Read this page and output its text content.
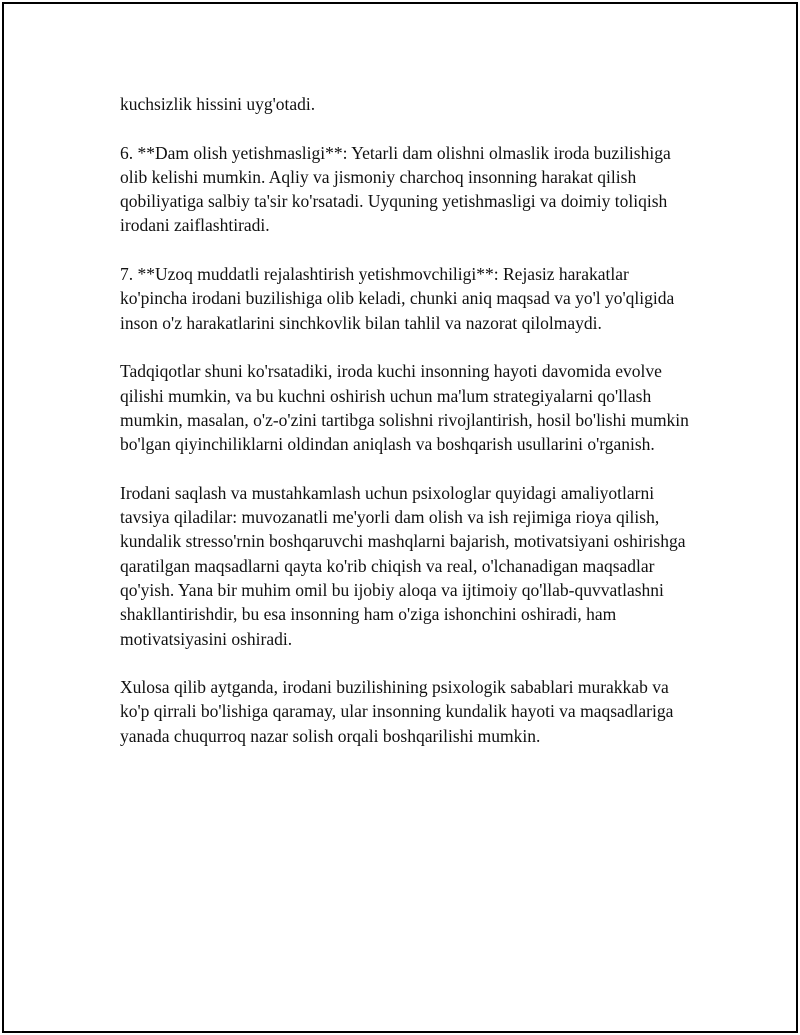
kuchsizlik hissini uyg'otadi.

6. **Dam olish yetishmasligi**: Yetarli dam olishni olmaslik iroda buzilishiga olib kelishi mumkin. Aqliy va jismoniy charchoq insonning harakat qilish qobiliyatiga salbiy ta'sir ko'rsatadi. Uyquning yetishmasligi va doimiy toliqish irodani zaiflashtiradi.

7. **Uzoq muddatli rejalashtirish yetishmovchiligi**: Rejasiz harakatlar ko'pincha irodani buzilishiga olib keladi, chunki aniq maqsad va yo'l yo'qligida inson o'z harakatlarini sinchkovlik bilan tahlil va nazorat qilolmaydi.

Tadqiqotlar shuni ko'rsatadiki, iroda kuchi insonning hayoti davomida evolve qilishi mumkin, va bu kuchni oshirish uchun ma'lum strategiyalarni qo'llash mumkin, masalan, o'z-o'zini tartibga solishni rivojlantirish, hosil bo'lishi mumkin bo'lgan qiyinchiliklarni oldindan aniqlash va boshqarish usullarini o'rganish.

Irodani saqlash va mustahkamlash uchun psixologlar quyidagi amaliyotlarni tavsiya qiladilar: muvozanatli me'yorli dam olish va ish rejimiga rioya qilish, kundalik stresso'rnin boshqaruvchi mashqlarni bajarish, motivatsiyani oshirishga qaratilgan maqsadlarni qayta ko'rib chiqish va real, o'lchanadigan maqsadlar qo'yish. Yana bir muhim omil bu ijobiy aloqa va ijtimoiy qo'llab-quvvatlashni shakllantirishdir, bu esa insonning ham o'ziga ishonchini oshiradi, ham motivatsiyasini oshiradi.

Xulosa qilib aytganda, irodani buzilishining psixologik sabablari murakkab va ko'p qirrali bo'lishiga qaramay, ular insonning kundalik hayoti va maqsadlariga yanada chuqurroq nazar solish orqali boshqarilishi mumkin.
